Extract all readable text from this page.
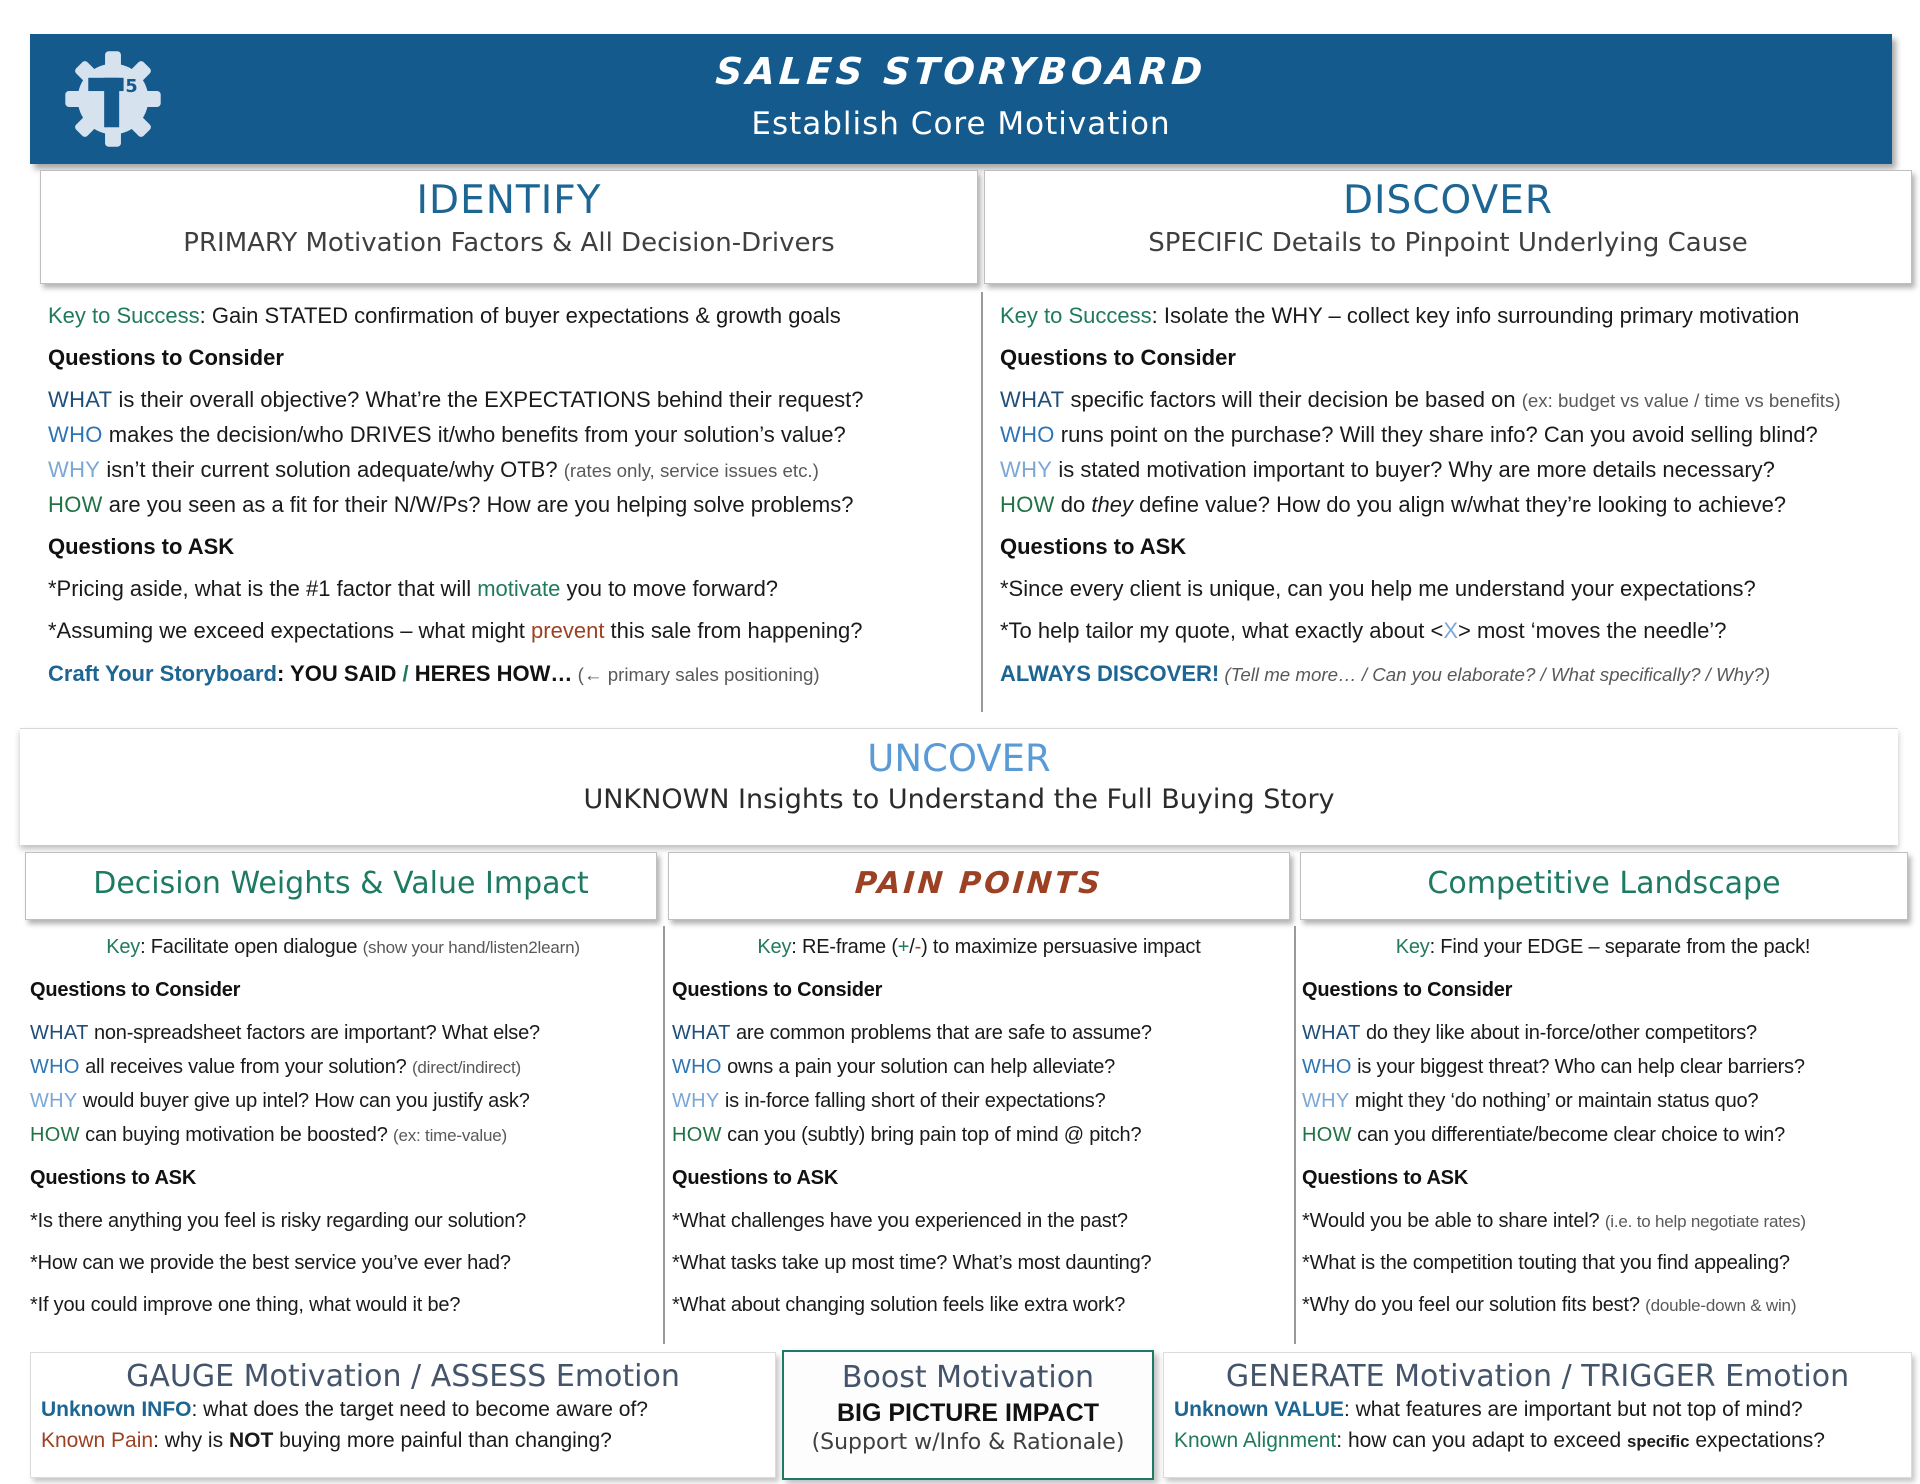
5	SALES STORYBOARD
Establish Core Motivation
IDENTIFY
PRIMARY Motivation Factors & All Decision-Drivers
DISCOVER
SPECIFIC Details to Pinpoint Underlying Cause
Key to Success: Gain STATED confirmation of buyer expectations & growth goals
Questions to Consider
WHAT is their overall objective? What’re the EXPECTATIONS behind their request?
WHO makes the decision/who DRIVES it/who benefits from your solution’s value?
WHY isn’t their current solution adequate/why OTB? (rates only, service issues etc.)
HOW are you seen as a fit for their N/W/Ps? How are you helping solve problems?
Questions to ASK
*Pricing aside, what is the #1 factor that will motivate you to move forward?
*Assuming we exceed expectations – what might prevent this sale from happening?
Craft Your Storyboard: YOU SAID / HERES HOW… (← primary sales positioning)
Key to Success: Isolate the WHY – collect key info surrounding primary motivation
Questions to Consider
WHAT specific factors will their decision be based on (ex: budget vs value / time vs benefits)
WHO runs point on the purchase? Will they share info? Can you avoid selling blind?
WHY is stated motivation important to buyer? Why are more details necessary?
HOW do they define value? How do you align w/what they’re looking to achieve?
Questions to ASK
*Since every client is unique, can you help me understand your expectations?
*To help tailor my quote, what exactly about <X> most ‘moves the needle’?
ALWAYS DISCOVER! (Tell me more… / Can you elaborate? / What specifically? / Why?)
UNCOVER
UNKNOWN Insights to Understand the Full Buying Story
Decision Weights & Value Impact	PAIN POINTS	Competitive Landscape
Key: Facilitate open dialogue (show your hand/listen2learn)
Questions to Consider
WHAT non-spreadsheet factors are important? What else?
WHO all receives value from your solution? (direct/indirect)
WHY would buyer give up intel? How can you justify ask?
HOW can buying motivation be boosted? (ex: time-value)
Questions to ASK
*Is there anything you feel is risky regarding our solution?
*How can we provide the best service you’ve ever had?
*If you could improve one thing, what would it be?
Key: RE-frame (+/-) to maximize persuasive impact
Questions to Consider
WHAT are common problems that are safe to assume?
WHO owns a pain your solution can help alleviate?
WHY is in-force falling short of their expectations?
HOW can you (subtly) bring pain top of mind @ pitch?
Questions to ASK
*What challenges have you experienced in the past?
*What tasks take up most time? What’s most daunting?
*What about changing solution feels like extra work?
Key: Find your EDGE – separate from the pack!
Questions to Consider
WHAT do they like about in-force/other competitors?
WHO is your biggest threat? Who can help clear barriers?
WHY might they ‘do nothing’ or maintain status quo?
HOW can you differentiate/become clear choice to win?
Questions to ASK
*Would you be able to share intel? (i.e. to help negotiate rates)
*What is the competition touting that you find appealing?
*Why do you feel our solution fits best? (double-down & win)
GAUGE Motivation / ASSESS Emotion
Unknown INFO: what does the target need to become aware of?
Known Pain: why is NOT buying more painful than changing?
Boost Motivation
BIG PICTURE IMPACT
(Support w/Info & Rationale)
GENERATE Motivation / TRIGGER Emotion
Unknown VALUE: what features are important but not top of mind?
Known Alignment: how can you adapt to exceed specific expectations?
